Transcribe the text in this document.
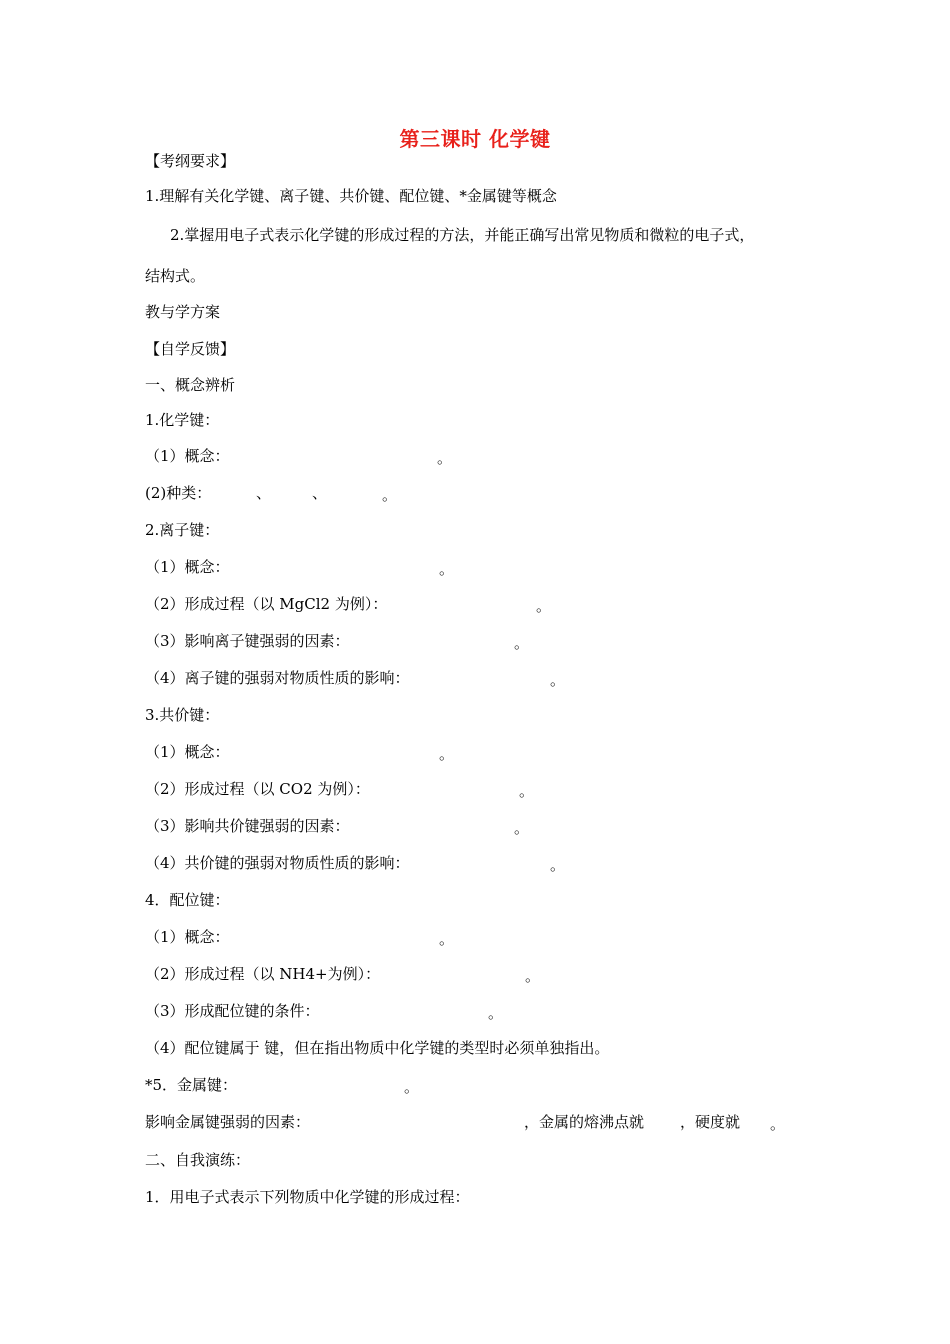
第三课时 化学键
【考纲要求】
1.理解有关化学键、离子键、共价键、配位键、*金属键等概念
2.掌握用电子式表示化学键的形成过程的方法，并能正确写出常见物质和微粒的电子式，
结构式。
教与学方案
【自学反馈】
一、概念辨析
1.化学键：
（1）概念：	。
(2)种类：	、	、	。
2.离子键：
（1）概念：	。
（2）形成过程（以 MgCl2 为例）：	。
（3）影响离子键强弱的因素：	。
（4）离子键的强弱对物质性质的影响：	。
3.共价键：
（1）概念：	。
（2）形成过程（以 CO2 为例）：	。
（3）影响共价键强弱的因素：	。
（4）共价键的强弱对物质性质的影响：	。
4．配位键：
（1）概念：	。
（2）形成过程（以 NH4+为例）：	。
（3）形成配位键的条件：	。
（4）配位键属于 键，但在指出物质中化学键的类型时必须单独指出。
*5．金属键：	。
影响金属键强弱的因素：	，金属的熔沸点就 ，硬度就 。
二、自我演练：
1．用电子式表示下列物质中化学键的形成过程：
